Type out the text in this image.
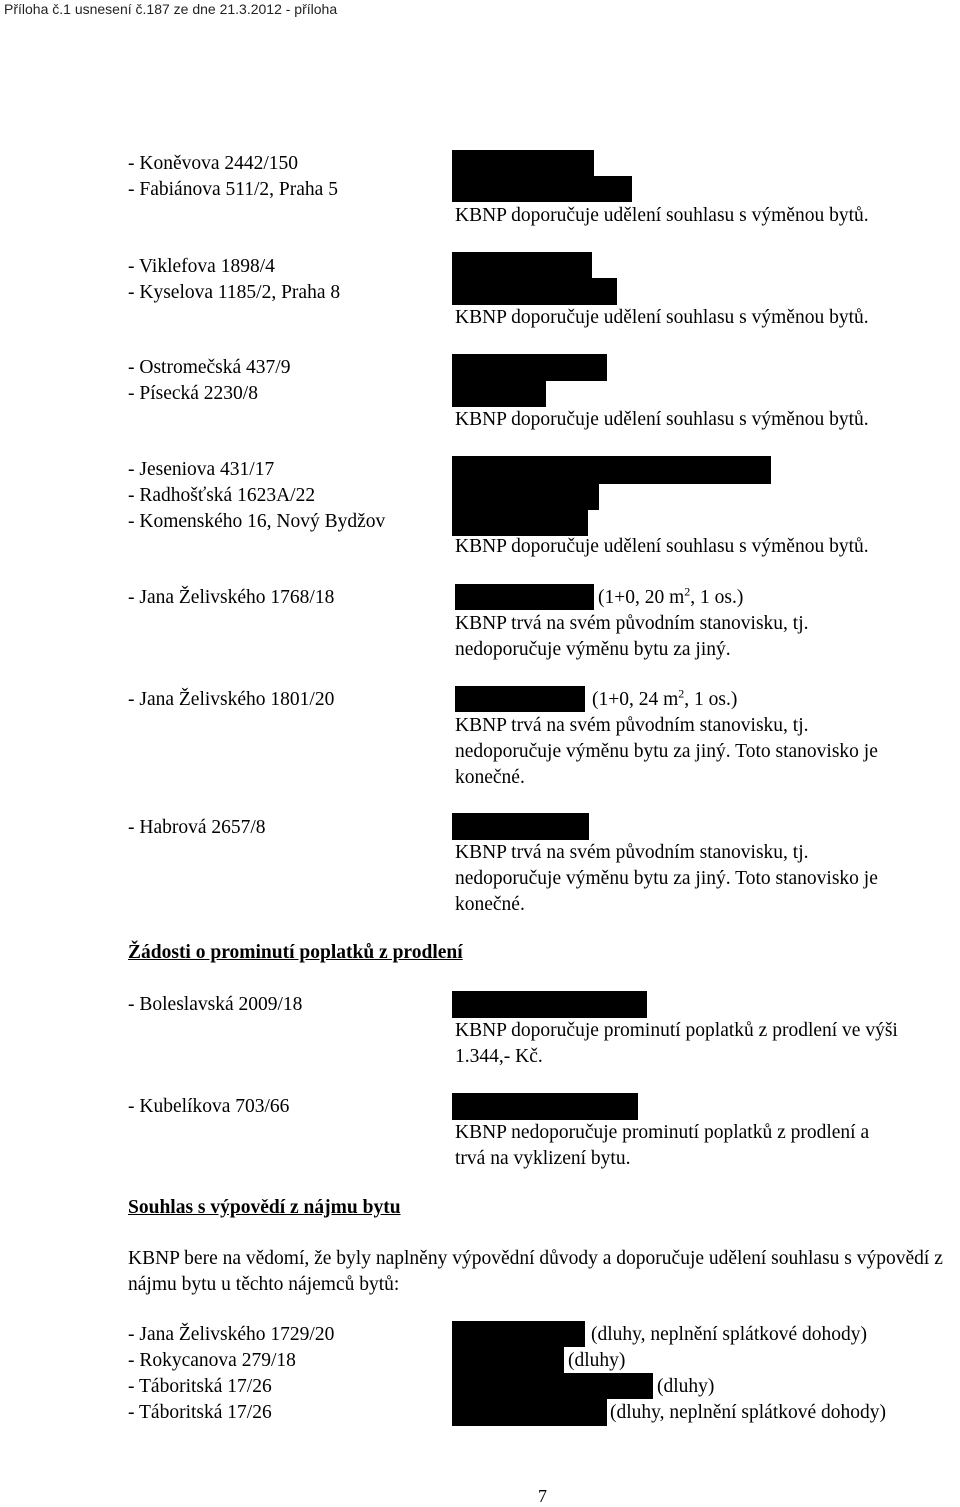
Příloha č.1 usnesení č.187 ze dne 21.3.2012 - příloha
- Koněvova 2442/150
- Fabiánova 511/2, Praha 5
KBNP doporučuje udělení souhlasu s výměnou bytů.
- Viklefova 1898/4
- Kyselova 1185/2, Praha 8
KBNP doporučuje udělení souhlasu s výměnou bytů.
- Ostromečská 437/9
- Písecká 2230/8
KBNP doporučuje udělení souhlasu s výměnou bytů.
- Jeseniova 431/17
- Radhošťská 1623A/22
- Komenského 16, Nový Bydžov
KBNP doporučuje udělení souhlasu s výměnou bytů.
- Jana Želivského 1768/18	(1+0, 20 $m^2$, 1 os.)
KBNP trvá na svém původním stanovisku, tj.
nedoporučuje výměnu bytu za jiný.
- Jana Želivského 1801/20	(1+0, 24 $m^2$, 1 os.)
KBNP trvá na svém původním stanovisku, tj.
nedoporučuje výměnu bytu za jiný. Toto stanovisko je
konečné.
- Habrová 2657/8
KBNP trvá na svém původním stanovisku, tj.
nedoporučuje výměnu bytu za jiný. Toto stanovisko je
konečné.
Žádosti o prominutí poplatků z prodlení
- Boleslavská 2009/18
KBNP doporučuje prominutí poplatků z prodlení ve výši
1.344,- Kč.
- Kubelíkova 703/66
KBNP nedoporučuje prominutí poplatků z prodlení a
trvá na vyklizení bytu.
Souhlas s výpovědí z nájmu bytu
KBNP bere na vědomí, že byly naplněny výpovědní důvody a doporučuje udělení souhlasu s výpovědí z nájmu bytu u těchto nájemců bytů:
- Jana Želivského 1729/20	(dluhy, neplnění splátkové dohody)
- Rokycanova 279/18	(dluhy)
- Táboritská 17/26	(dluhy)
- Táboritská 17/26	(dluhy, neplnění splátkové dohody)
7
